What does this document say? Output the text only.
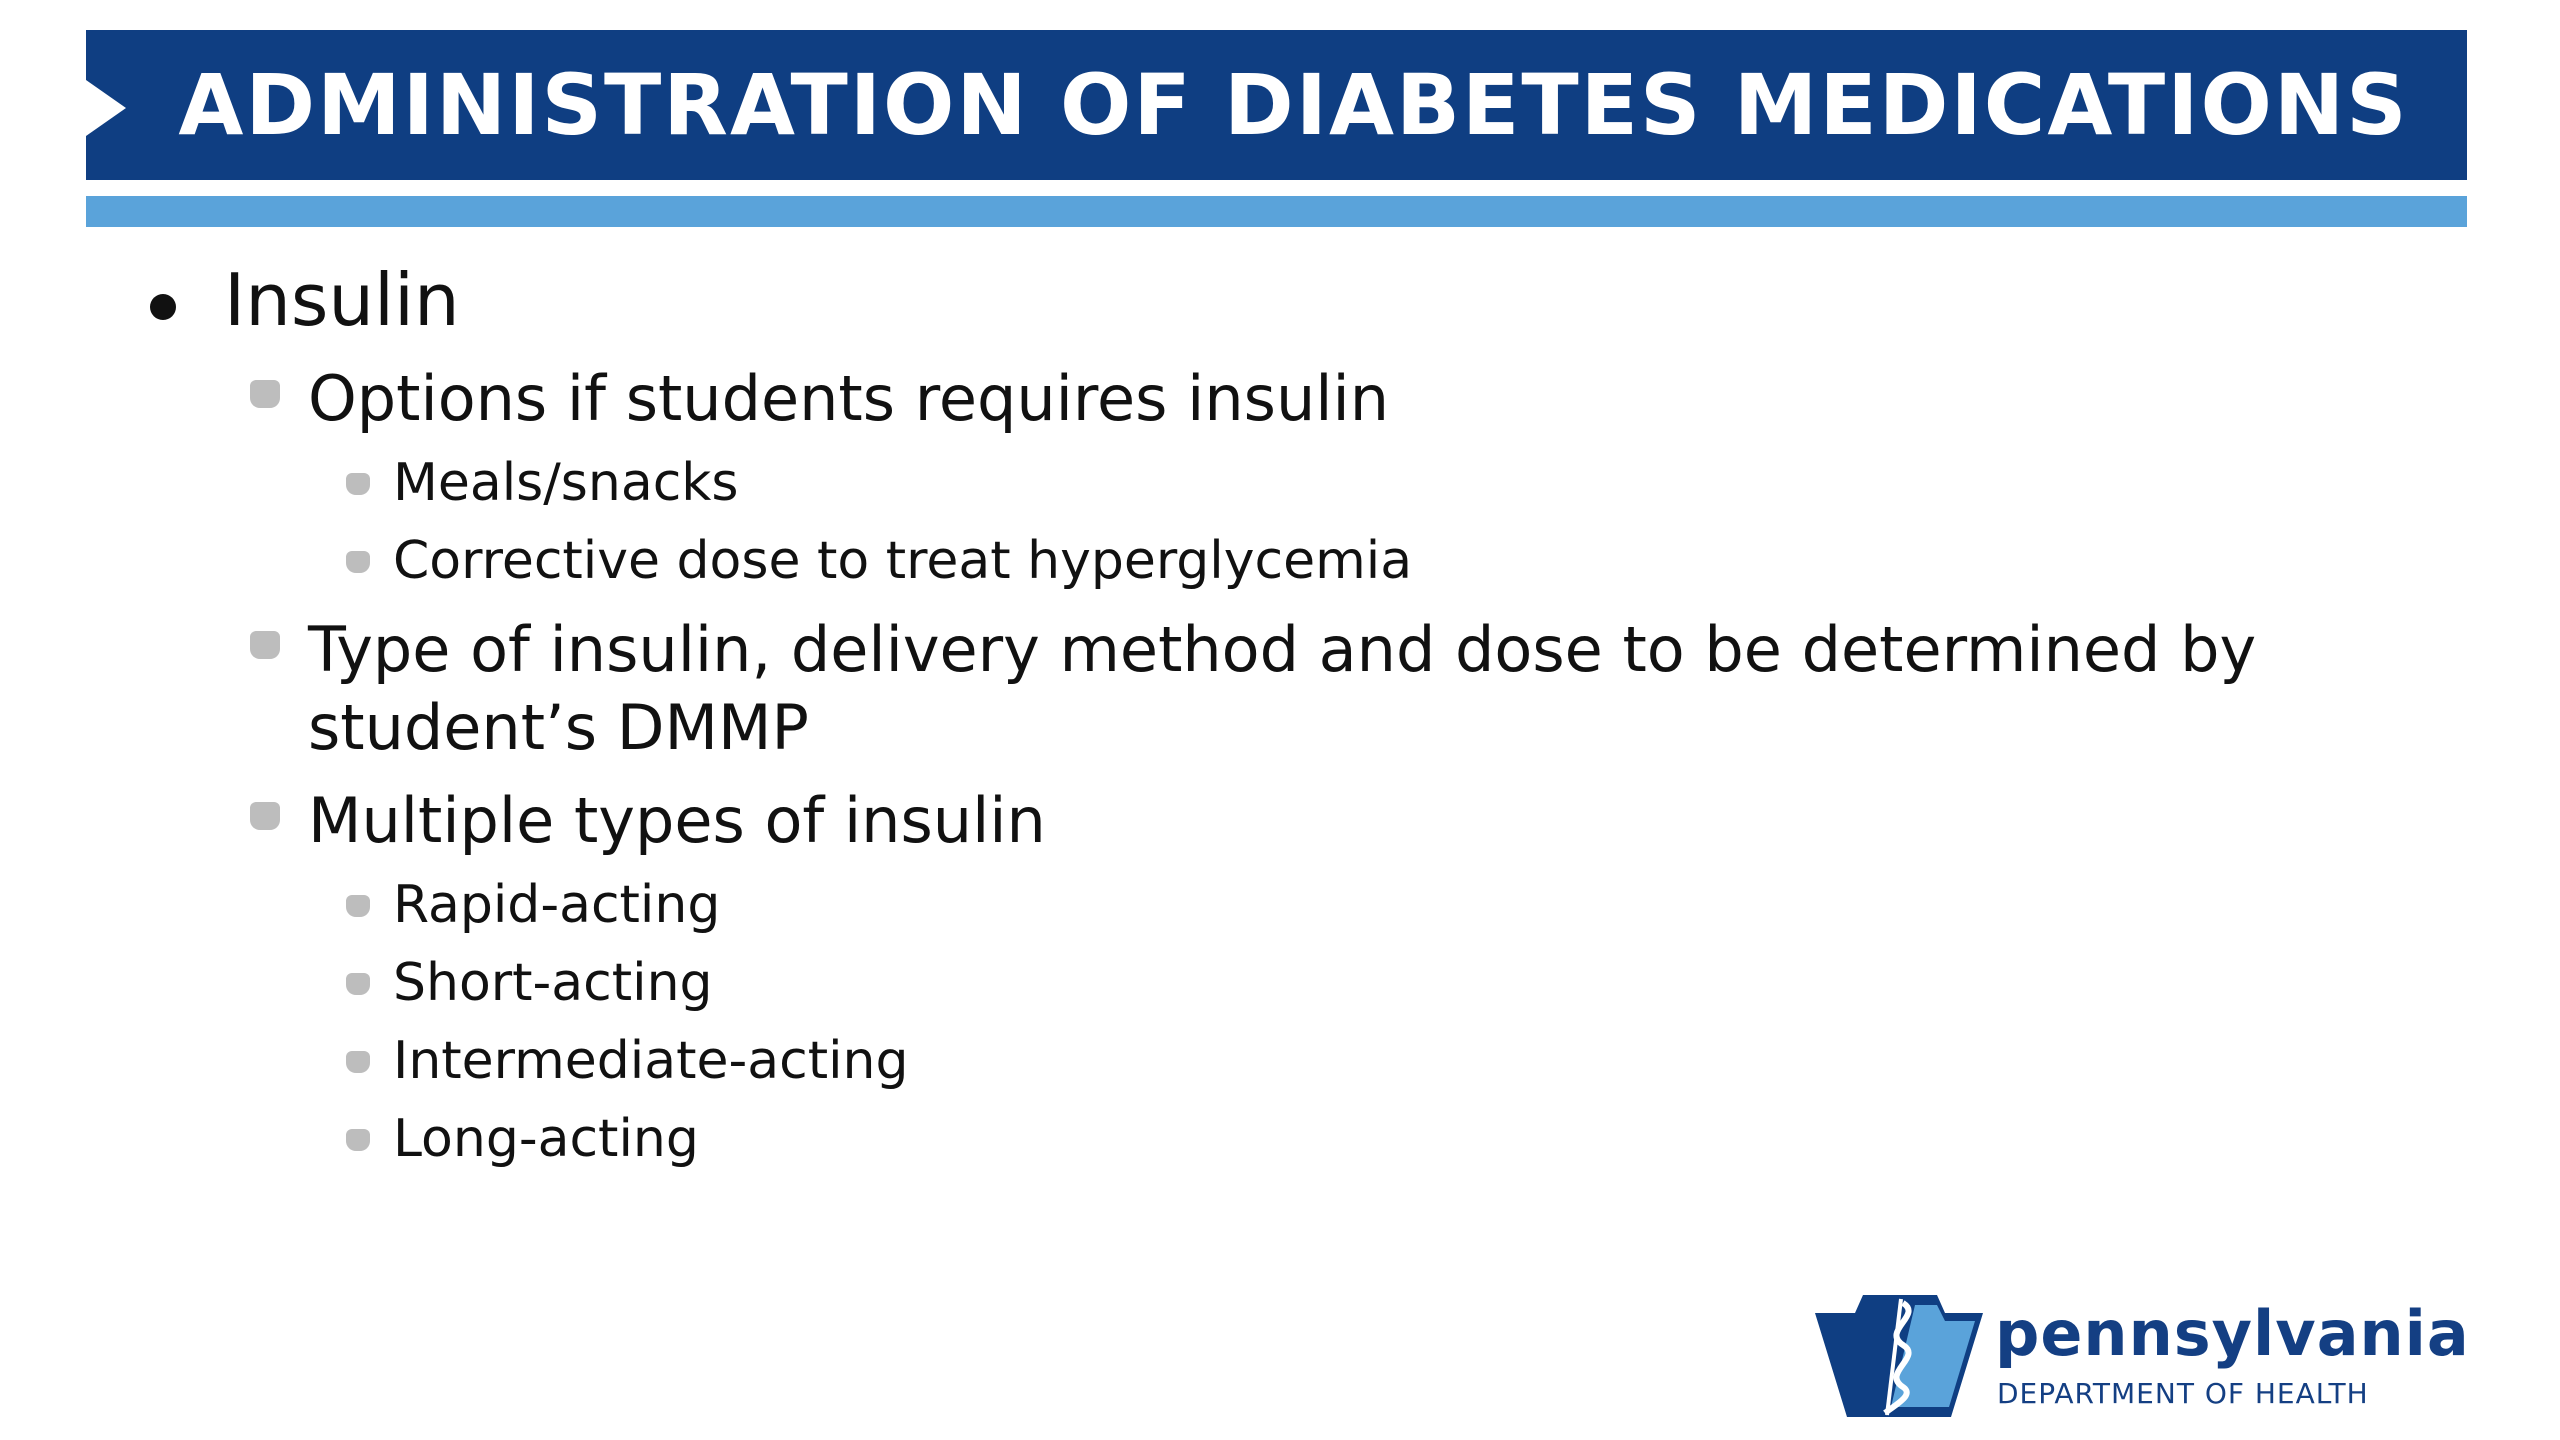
ADMINISTRATION OF DIABETES MEDICATIONS
Insulin
Options if students requires insulin
Meals/snacks
Corrective dose to treat hyperglycemia
Type of insulin, delivery method and dose to be determined by
student’s DMMP
Multiple types of insulin
Rapid-acting
Short-acting
Intermediate-acting
Long-acting
pennsylvania
DEPARTMENT OF HEALTH
